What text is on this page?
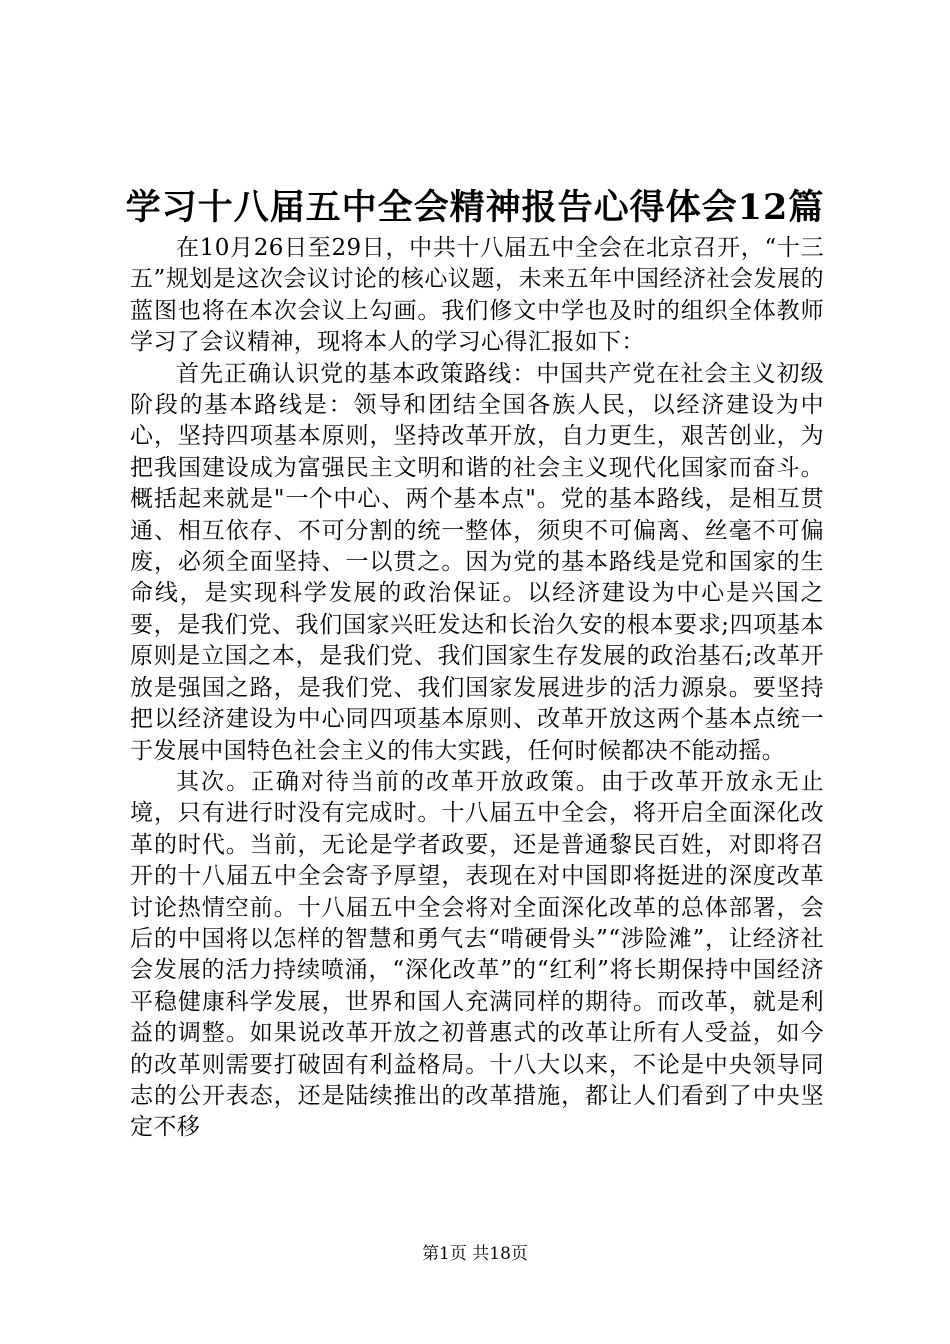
学习十八届五中全会精神报告心得体会12篇

在10月26日至29日，中共十八届五中全会在北京召开，“十三五”规划是这次会议讨论的核心议题，未来五年中国经济社会发展的蓝图也将在本次会议上勾画。我们修文中学也及时的组织全体教师学习了会议精神，现将本人的学习心得汇报如下：

首先正确认识党的基本政策路线：中国共产党在社会主义初级阶段的基本路线是：领导和团结全国各族人民，以经济建设为中心，坚持四项基本原则，坚持改革开放，自力更生，艰苦创业，为把我国建设成为富强民主文明和谐的社会主义现代化国家而奋斗。概括起来就是"一个中心、两个基本点"。党的基本路线，是相互贯通、相互依存、不可分割的统一整体，须臾不可偏离、丝毫不可偏废，必须全面坚持、一以贯之。因为党的基本路线是党和国家的生命线，是实现科学发展的政治保证。以经济建设为中心是兴国之要，是我们党、我们国家兴旺发达和长治久安的根本要求;四项基本原则是立国之本，是我们党、我们国家生存发展的政治基石;改革开放是强国之路，是我们党、我们国家发展进步的活力源泉。要坚持把以经济建设为中心同四项基本原则、改革开放这两个基本点统一于发展中国特色社会主义的伟大实践，任何时候都决不能动摇。

其次。正确对待当前的改革开放政策。由于改革开放永无止境，只有进行时没有完成时。十八届五中全会，将开启全面深化改革的时代。当前，无论是学者政要，还是普通黎民百姓，对即将召开的十八届五中全会寄予厚望，表现在对中国即将挺进的深度改革讨论热情空前。十八届五中全会将对全面深化改革的总体部署，会后的中国将以怎样的智慧和勇气去“啃硬骨头”“涉险滩”，让经济社会发展的活力持续喷涌，“深化改革”的“红利”将长期保持中国经济平稳健康科学发展，世界和国人充满同样的期待。而改革，就是利益的调整。如果说改革开放之初普惠式的改革让所有人受益，如今的改革则需要打破固有利益格局。十八大以来，不论是中央领导同志的公开表态，还是陆续推出的改革措施，都让人们看到了中央坚定不移

第1页 共18页
